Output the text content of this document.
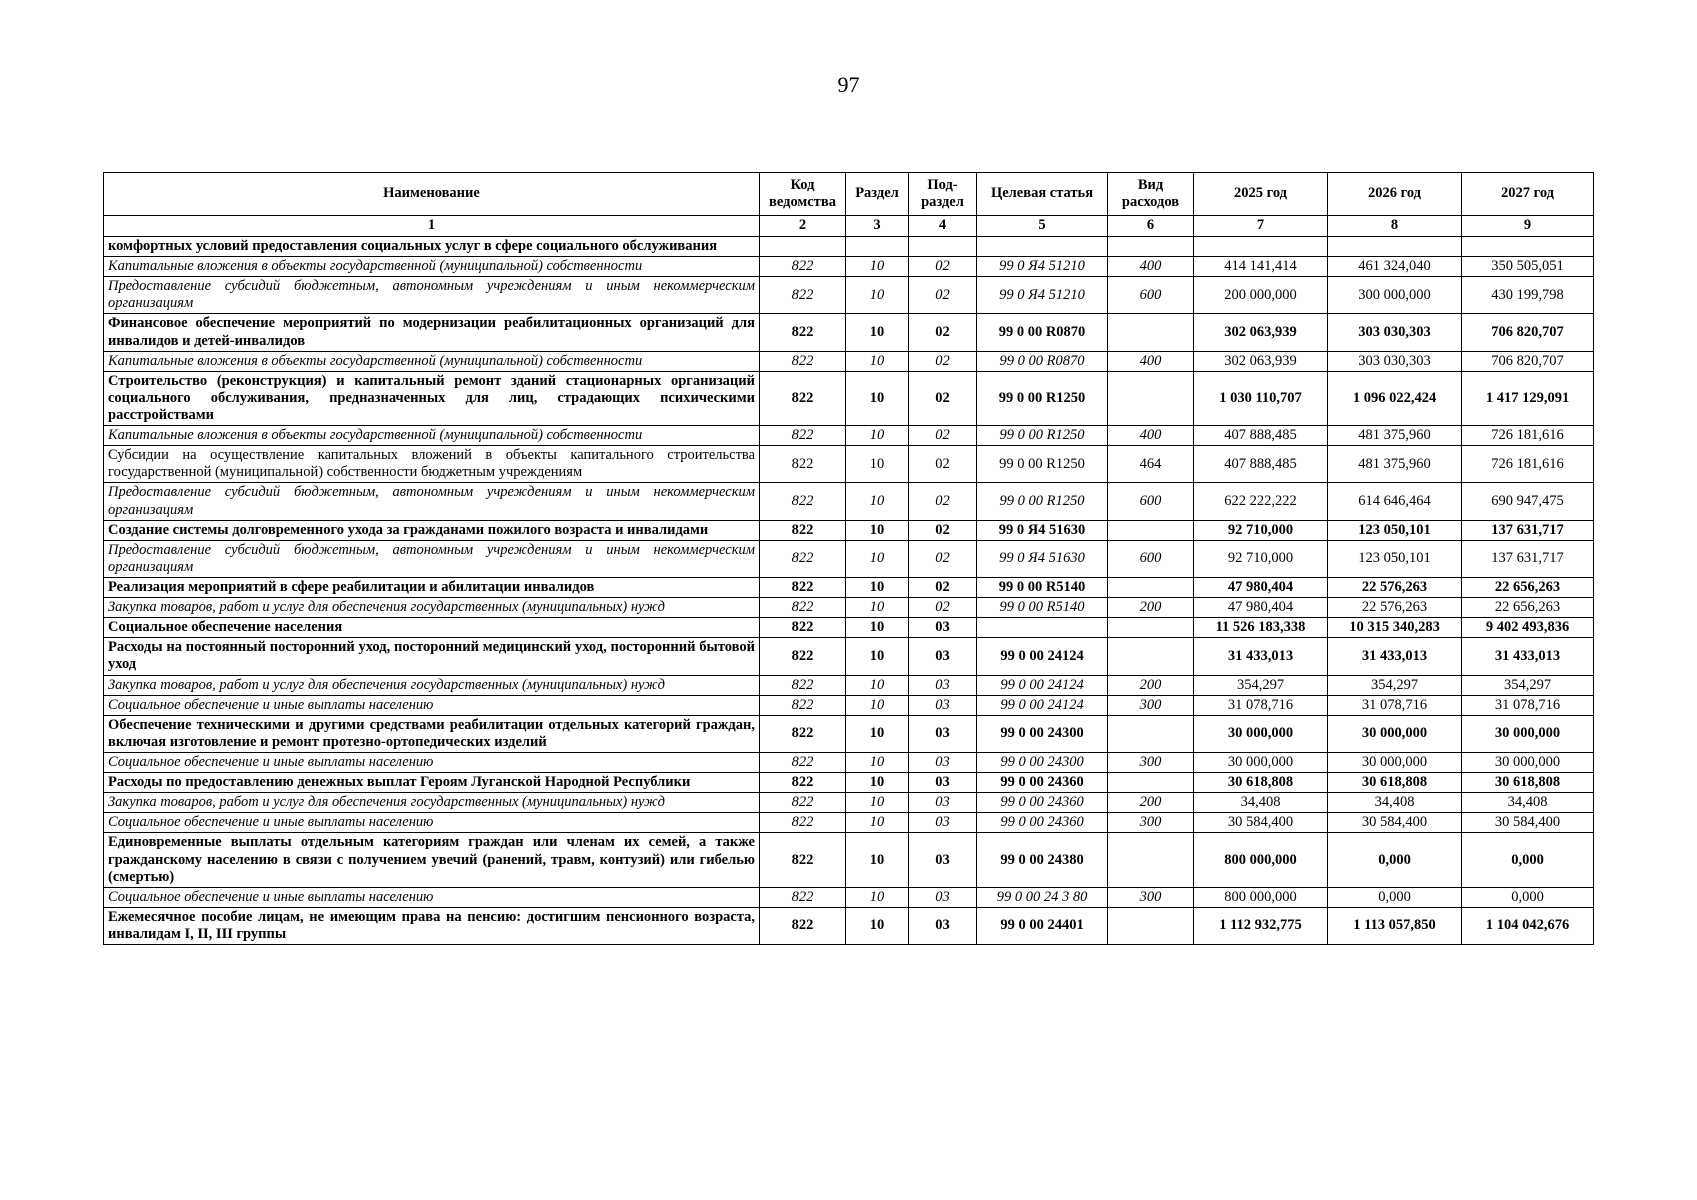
97
Наименование	Код ведомства	Раздел	Под-раздел	Целевая статья	Вид расходов	2025 год	2026 год	2027 год
1	2	3	4	5	6	7	8	9
комфортных условий предоставления социальных услуг в сфере социального обслуживания								
Капитальные вложения в объекты государственной (муниципальной) собственности	822	10	02	99 0 Я4 51210	400	414 141,414	461 324,040	350 505,051
Предоставление субсидий бюджетным, автономным учреждениям и иным некоммерческим организациям	822	10	02	99 0 Я4 51210	600	200 000,000	300 000,000	430 199,798
Финансовое обеспечение мероприятий по модернизации реабилитационных организаций для инвалидов и детей-инвалидов	822	10	02	99 0 00 R0870		302 063,939	303 030,303	706 820,707
Капитальные вложения в объекты государственной (муниципальной) собственности	822	10	02	99 0 00 R0870	400	302 063,939	303 030,303	706 820,707
Строительство (реконструкция) и капитальный ремонт зданий стационарных организаций социального обслуживания, предназначенных для лиц, страдающих психическими расстройствами	822	10	02	99 0 00 R1250		1 030 110,707	1 096 022,424	1 417 129,091
Капитальные вложения в объекты государственной (муниципальной) собственности	822	10	02	99 0 00 R1250	400	407 888,485	481 375,960	726 181,616
Субсидии на осуществление капитальных вложений в объекты капитального строительства государственной (муниципальной) собственности бюджетным учреждениям	822	10	02	99 0 00 R1250	464	407 888,485	481 375,960	726 181,616
Предоставление субсидий бюджетным, автономным учреждениям и иным некоммерческим организациям	822	10	02	99 0 00 R1250	600	622 222,222	614 646,464	690 947,475
Создание системы долговременного ухода за гражданами пожилого возраста и инвалидами	822	10	02	99 0 Я4 51630		92 710,000	123 050,101	137 631,717
Предоставление субсидий бюджетным, автономным учреждениям и иным некоммерческим организациям	822	10	02	99 0 Я4 51630	600	92 710,000	123 050,101	137 631,717
Реализация мероприятий в сфере реабилитации и абилитации инвалидов	822	10	02	99 0 00 R5140		47 980,404	22 576,263	22 656,263
Закупка товаров, работ и услуг для обеспечения государственных (муниципальных) нужд	822	10	02	99 0 00 R5140	200	47 980,404	22 576,263	22 656,263
Социальное обеспечение населения	822	10	03			11 526 183,338	10 315 340,283	9 402 493,836
Расходы на постоянный посторонний уход, посторонний медицинский уход, посторонний бытовой уход	822	10	03	99 0 00 24124		31 433,013	31 433,013	31 433,013
Закупка товаров, работ и услуг для обеспечения государственных (муниципальных) нужд	822	10	03	99 0 00 24124	200	354,297	354,297	354,297
Социальное обеспечение и иные выплаты населению	822	10	03	99 0 00 24124	300	31 078,716	31 078,716	31 078,716
Обеспечение техническими и другими средствами реабилитации отдельных категорий граждан, включая изготовление и ремонт протезно-ортопедических изделий	822	10	03	99 0 00 24300		30 000,000	30 000,000	30 000,000
Социальное обеспечение и иные выплаты населению	822	10	03	99 0 00 24300	300	30 000,000	30 000,000	30 000,000
Расходы по предоставлению денежных выплат Героям Луганской Народной Республики	822	10	03	99 0 00 24360		30 618,808	30 618,808	30 618,808
Закупка товаров, работ и услуг для обеспечения государственных (муниципальных) нужд	822	10	03	99 0 00 24360	200	34,408	34,408	34,408
Социальное обеспечение и иные выплаты населению	822	10	03	99 0 00 24360	300	30 584,400	30 584,400	30 584,400
Единовременные выплаты отдельным категориям граждан или членам их семей, а также гражданскому населению в связи с получением увечий (ранений, травм, контузий) или гибелью (смертью)	822	10	03	99 0 00 24380		800 000,000	0,000	0,000
Социальное обеспечение и иные выплаты населению	822	10	03	99 0 00 24 3 80	300	800 000,000	0,000	0,000
Ежемесячное пособие лицам, не имеющим права на пенсию: достигшим пенсионного возраста, инвалидам I, II, III группы	822	10	03	99 0 00 24401		1 112 932,775	1 113 057,850	1 104 042,676
